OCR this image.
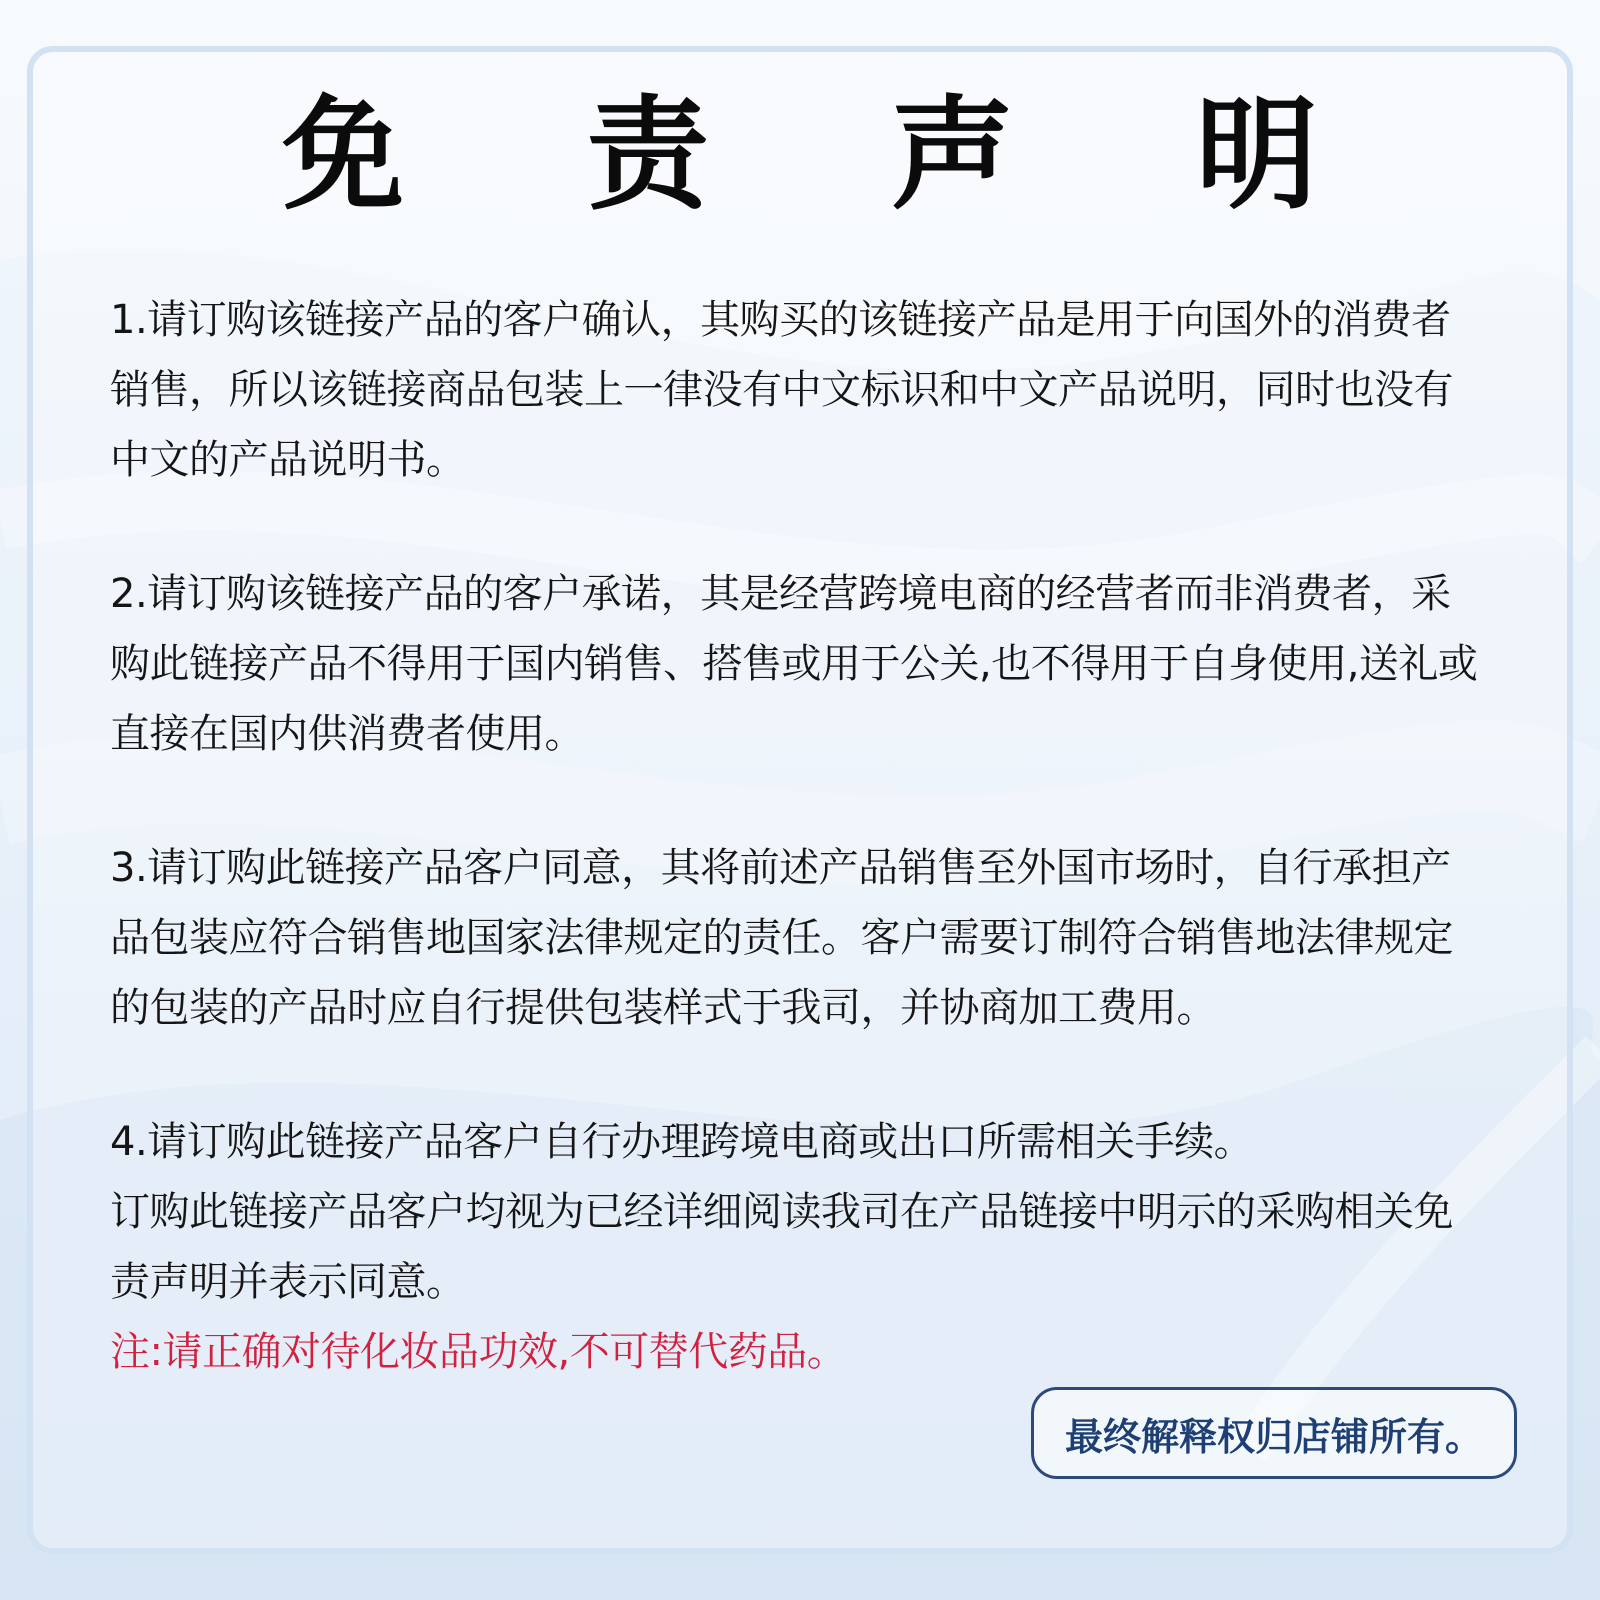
免 责 声 明

1.请订购该链接产品的客户确认，其购买的该链接产品是用于向国外的消费者销售，所以该链接商品包装上一律没有中文标识和中文产品说明，同时也没有中文的产品说明书。

2.请订购该链接产品的客户承诺，其是经营跨境电商的经营者而非消费者，采购此链接产品不得用于国内销售、搭售或用于公关,也不得用于自身使用,送礼或直接在国内供消费者使用。

3.请订购此链接产品客户同意，其将前述产品销售至外国市场时，自行承担产品包装应符合销售地国家法律规定的责任。客户需要订制符合销售地法律规定的包装的产品时应自行提供包装样式于我司，并协商加工费用。

4.请订购此链接产品客户自行办理跨境电商或出口所需相关手续。

订购此链接产品客户均视为已经详细阅读我司在产品链接中明示的采购相关免责声明并表示同意。

注:请正确对待化妆品功效,不可替代药品。

最终解释权归店铺所有。
